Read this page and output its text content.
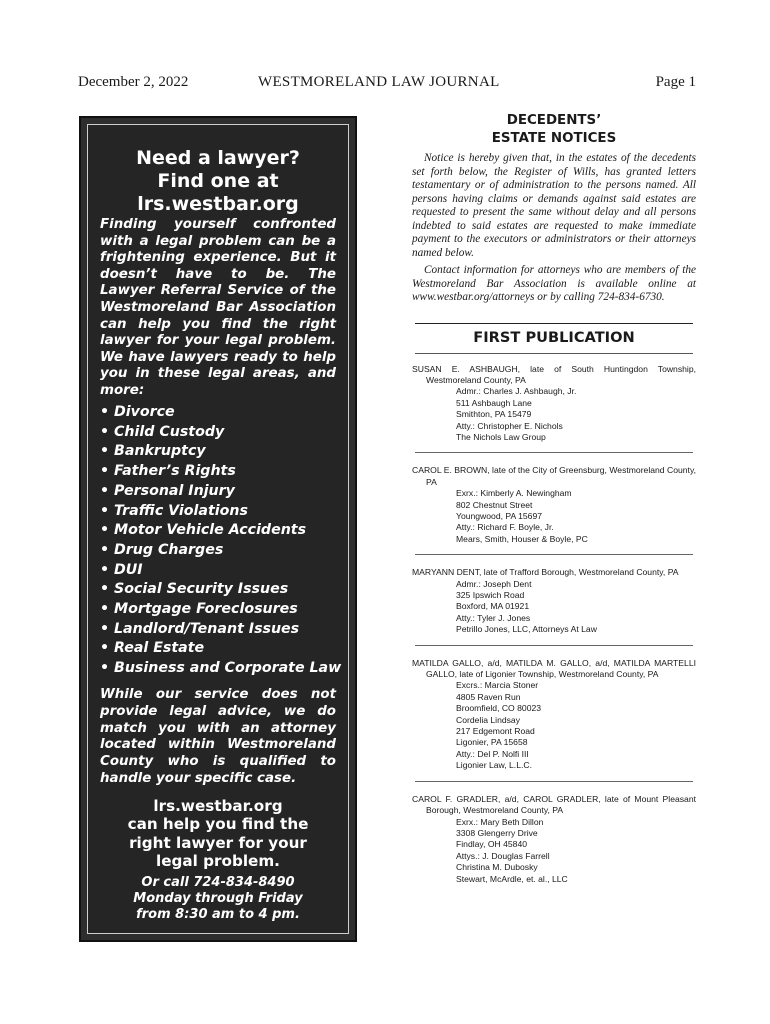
December 2, 2022	WESTMORELAND LAW JOURNAL	Page 1
Need a lawyer?
Find one at
lrs.westbar.org
Finding yourself confronted with a legal problem can be a frightening experience. But it doesn’t have to be. The Lawyer Referral Service of the Westmoreland Bar Association can help you find the right lawyer for your legal problem. We have lawyers ready to help you in these legal areas, and more:
• Divorce
• Child Custody
• Bankruptcy
• Father’s Rights
• Personal Injury
• Traffic Violations
• Motor Vehicle Accidents
• Drug Charges
• DUI
• Social Security Issues
• Mortgage Foreclosures
• Landlord/Tenant Issues
• Real Estate
• Business and Corporate Law
While our service does not provide legal advice, we do match you with an attorney located within Westmoreland County who is qualified to handle your specific case.
lrs.westbar.org
can help you find the
right lawyer for your
legal problem.
Or call 724-834-8490
Monday through Friday
from 8:30 am to 4 pm.
DECEDENTS’
ESTATE NOTICES

Notice is hereby given that, in the estates of the decedents set forth below, the Register of Wills, has granted letters testamentary or of administration to the persons named. All persons having claims or demands against said estates are requested to present the same without delay and all persons indebted to said estates are requested to make immediate payment to the executors or administrators or their attorneys named below.

Contact information for attorneys who are members of the Westmoreland Bar Association is available online at www.westbar.org/attorneys or by calling 724-834-6730.

FIRST PUBLICATION
SUSAN E. ASHBAUGH, late of South Huntingdon Township, Westmoreland County, PA
Admr.: Charles J. Ashbaugh, Jr.
511 Ashbaugh Lane
Smithton, PA 15479
Atty.: Christopher E. Nichols
The Nichols Law Group
CAROL E. BROWN, late of the City of Greensburg, Westmoreland County, PA
Exrx.: Kimberly A. Newingham
802 Chestnut Street
Youngwood, PA 15697
Atty.: Richard F. Boyle, Jr.
Mears, Smith, Houser & Boyle, PC
MARYANN DENT, late of Trafford Borough, Westmoreland County, PA
Admr.: Joseph Dent
325 Ipswich Road
Boxford, MA 01921
Atty.: Tyler J. Jones
Petrillo Jones, LLC, Attorneys At Law
MATILDA GALLO, a/d, MATILDA M. GALLO, a/d, MATILDA MARTELLI GALLO, late of Ligonier Township, Westmoreland County, PA
Excrs.: Marcia Stoner
4805 Raven Run
Broomfield, CO 80023
Cordelia Lindsay
217 Edgemont Road
Ligonier, PA 15658
Atty.: Del P. Nolfi III
Ligonier Law, L.L.C.
CAROL F. GRADLER, a/d, CAROL GRADLER, late of Mount Pleasant Borough, Westmoreland County, PA
Exrx.: Mary Beth Dillon
3308 Glengerry Drive
Findlay, OH 45840
Attys.: J. Douglas Farrell
Christina M. Dubosky
Stewart, McArdle, et. al., LLC
